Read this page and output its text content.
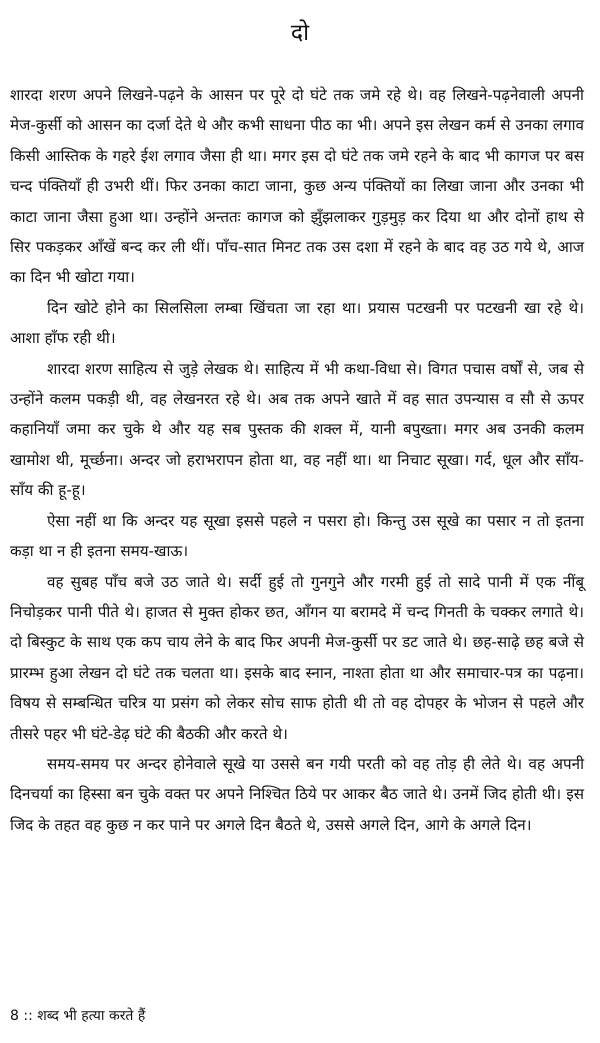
दो

शारदा शरण अपने लिखने-पढ़ने के आसन पर पूरे दो घंटे तक जमे रहे थे। वह लिखने-पढ़नेवाली अपनी मेज-कुर्सी को आसन का दर्जा देते थे और कभी साधना पीठ का भी। अपने इस लेखन कर्म से उनका लगाव किसी आस्तिक के गहरे ईश लगाव जैसा ही था। मगर इस दो घंटे तक जमे रहने के बाद भी कागज पर बस चन्द पंक्तियाँ ही उभरी थीं। फिर उनका काटा जाना, कुछ अन्य पंक्तियों का लिखा जाना और उनका भी काटा जाना जैसा हुआ था। उन्होंने अन्ततः कागज को झुँझलाकर गुड़मुड़ कर दिया था और दोनों हाथ से सिर पकड़कर आँखें बन्द कर ली थीं। पाँच-सात मिनट तक उस दशा में रहने के बाद वह उठ गये थे, आज का दिन भी खोटा गया।

दिन खोटे होने का सिलसिला लम्बा खिंचता जा रहा था। प्रयास पटखनी पर पटखनी खा रहे थे। आशा हाँफ रही थी।

शारदा शरण साहित्य से जुड़े लेखक थे। साहित्य में भी कथा-विधा से। विगत पचास वर्षों से, जब से उन्होंने कलम पकड़ी थी, वह लेखनरत रहे थे। अब तक अपने खाते में वह सात उपन्यास व सौ से ऊपर कहानियाँ जमा कर चुके थे और यह सब पुस्तक की शक्ल में, यानी बपुख्ता। मगर अब उनकी कलम खामोश थी, मूर्च्छना। अन्दर जो हराभरापन होता था, वह नहीं था। था निचाट सूखा। गर्द, धूल और साँय-साँय की हू-हू।

ऐसा नहीं था कि अन्दर यह सूखा इससे पहले न पसरा हो। किन्तु उस सूखे का पसार न तो इतना कड़ा था न ही इतना समय-खाऊ।

वह सुबह पाँच बजे उठ जाते थे। सर्दी हुई तो गुनगुने और गरमी हुई तो सादे पानी में एक नींबू निचोड़कर पानी पीते थे। हाजत से मुक्त होकर छत, आँगन या बरामदे में चन्द गिनती के चक्कर लगाते थे। दो बिस्कुट के साथ एक कप चाय लेने के बाद फिर अपनी मेज-कुर्सी पर डट जाते थे। छह-साढ़े छह बजे से प्रारम्भ हुआ लेखन दो घंटे तक चलता था। इसके बाद स्नान, नाश्ता होता था और समाचार-पत्र का पढ़ना। विषय से सम्बन्धित चरित्र या प्रसंग को लेकर सोच साफ होती थी तो वह दोपहर के भोजन से पहले और तीसरे पहर भी घंटे-डेढ़ घंटे की बैठकी और करते थे।

समय-समय पर अन्दर होनेवाले सूखे या उससे बन गयी परती को वह तोड़ ही लेते थे। वह अपनी दिनचर्या का हिस्सा बन चुके वक्त पर अपने निश्चित ठिये पर आकर बैठ जाते थे। उनमें जिद होती थी। इस जिद के तहत वह कुछ न कर पाने पर अगले दिन बैठते थे, उससे अगले दिन, आगे के अगले दिन।

8 :: शब्द भी हत्या करते हैं
